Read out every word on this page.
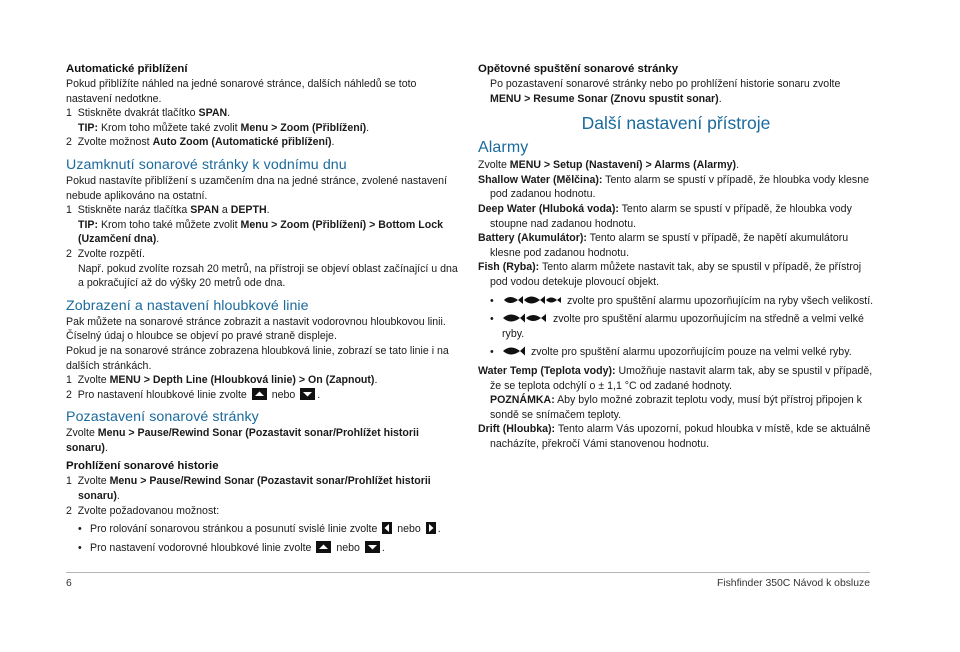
Automatické přiblížení

Pokud přiblížíte náhled na jedné sonarové stránce, dalších náhledů se toto nastavení nedotkne.

1 Stiskněte dvakrát tlačítko SPAN.

TIP: Krom toho můžete také zvolit Menu > Zoom (Přiblížení).

2 Zvolte možnost Auto Zoom (Automatické přiblížení).

Uzamknutí sonarové stránky k vodnímu dnu

Pokud nastavíte přiblížení s uzamčením dna na jedné stránce, zvolené nastavení nebude aplikováno na ostatní.

1 Stiskněte naráz tlačítka SPAN a DEPTH.

TIP: Krom toho také můžete zvolit Menu > Zoom (Přiblížení) > Bottom Lock (Uzamčení dna).

2 Zvolte rozpětí.

Např. pokud zvolíte rozsah 20 metrů, na přístroji se objeví oblast začínající u dna a pokračující až do výšky 20 metrů ode dna.

Zobrazení a nastavení hloubkové linie

Pak můžete na sonarové stránce zobrazit a nastavit vodorovnou hloubkovou linii. Číselný údaj o hloubce se objeví po pravé straně displeje.

Pokud je na sonarové stránce zobrazena hloubková linie, zobrazí se tato linie i na dalších stránkách.

1 Zvolte MENU > Depth Line (Hloubková linie) > On (Zapnout).

2 Pro nastavení hloubkové linie zvolte
nebo
.

Pozastavení sonarové stránky

Zvolte Menu > Pause/Rewind Sonar (Pozastavit sonar/Prohlížet historii sonaru).

Prohlížení sonarové historie

1 Zvolte Menu > Pause/Rewind Sonar (Pozastavit sonar/Prohlížet historii sonaru).

2 Zvolte požadovanou možnost:

• Pro rolování sonarovou stránkou a posunutí svislé linie zvolte
nebo
.

• Pro nastavení vodorovné hloubkové linie zvolte
nebo
.

Opětovné spuštění sonarové stránky

Po pozastavení sonarové stránky nebo po prohlížení historie sonaru zvolte MENU > Resume Sonar (Znovu spustit sonar).

Další nastavení přístroje
Alarmy

Zvolte MENU > Setup (Nastavení) > Alarms (Alarmy).

Shallow Water (Mělčina): Tento alarm se spustí v případě, že hloubka vody klesne pod zadanou hodnotu.

Deep Water (Hluboká voda): Tento alarm se spustí v případě, že hloubka vody stoupne nad zadanou hodnotu.

Battery (Akumulátor): Tento alarm se spustí v případě, že napětí akumulátoru klesne pod zadanou hodnotu.

Fish (Ryba): Tento alarm můžete nastavit tak, aby se spustil v případě, že přístroj pod vodou detekuje plovoucí objekt.

•	zvolte pro spuštění alarmu upozorňujícím na ryby všech velikostí.

•	zvolte pro spuštění alarmu upozorňujícím na středně a velmi velké ryby.

•	zvolte pro spuštění alarmu upozorňujícím pouze na velmi velké ryby.

Water Temp (Teplota vody): Umožňuje nastavit alarm tak, aby se spustil v případě, že se teplota odchýlí o ± 1,1 °C od zadané hodnoty.

POZNÁMKA: Aby bylo možné zobrazit teplotu vody, musí být přístroj připojen k sondě se snímačem teploty.

Drift (Hloubka): Tento alarm Vás upozorní, pokud hloubka v místě, kde se aktuálně nacházíte, překročí Vámi stanovenou hodnotu.

6	Fishfinder 350C Návod k obsluze
